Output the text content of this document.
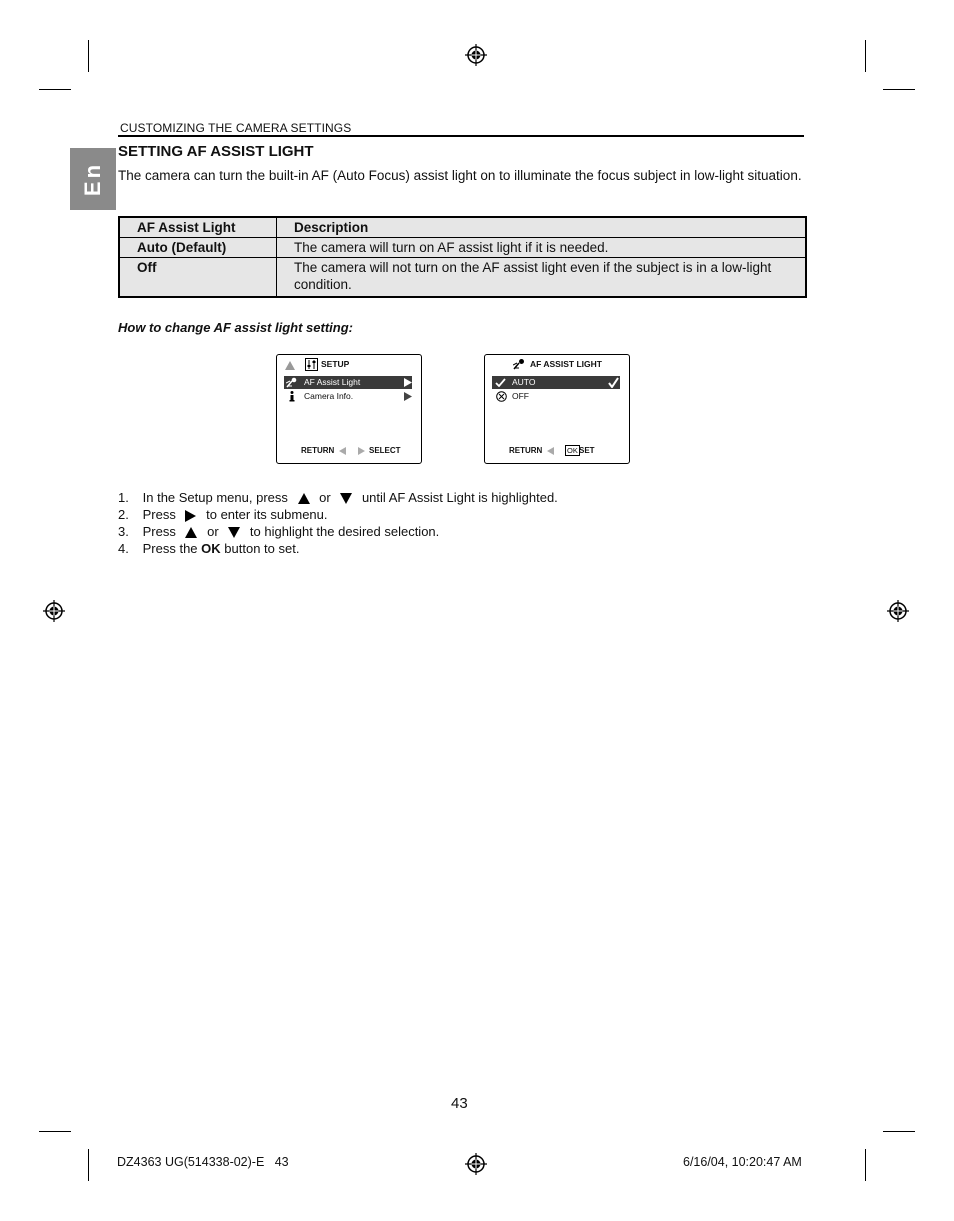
CUSTOMIZING THE CAMERA SETTINGS
En
SETTING AF ASSIST LIGHT
The camera can turn the built-in AF (Auto Focus) assist light on to illuminate the focus subject in low-light situation.
AF Assist Light	Description
Auto (Default)	The camera will turn on AF assist light if it is needed.
Off	The camera will not turn on the AF assist light even if the subject is in a low-light condition.
How to change AF assist light setting:
SETUP
AF Assist Light
Camera Info.
RETURN	SELECT
AF ASSIST LIGHT
AUTO
OFF
RETURN	OK SET
1. In the Setup menu, press or until AF Assist Light is highlighted.
2. Press to enter its submenu.
3. Press or to highlight the desired selection.
4. Press the OK button to set.
43
DZ4363 UG(514338-02)-E   43	6/16/04, 10:20:47 AM
